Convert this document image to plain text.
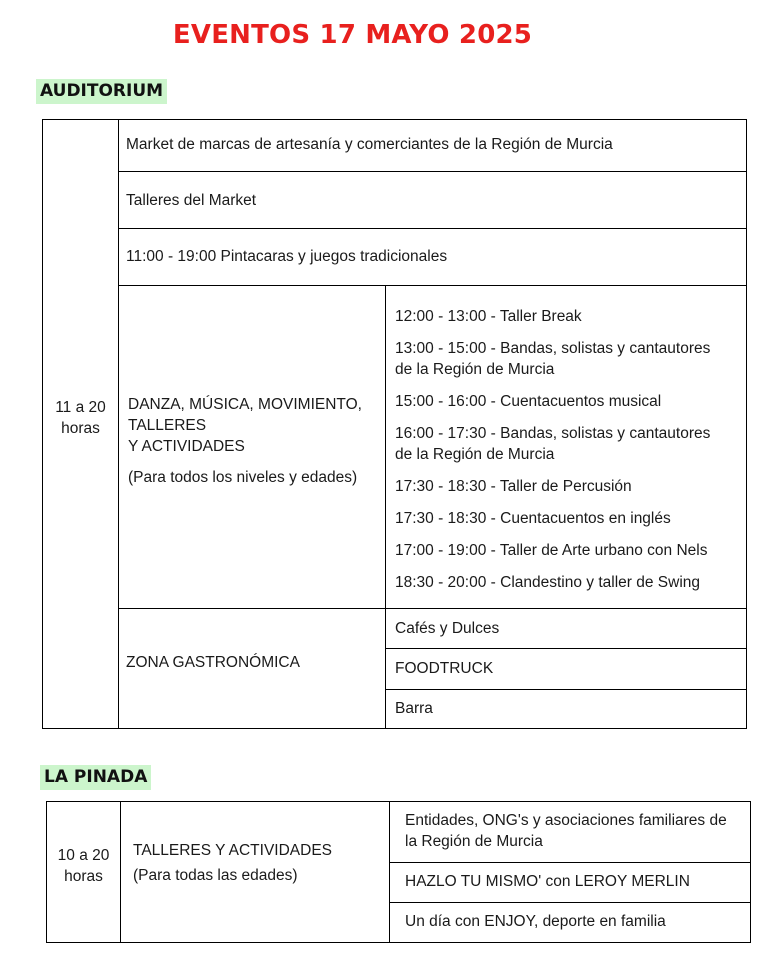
EVENTOS 17 MAYO 2025
AUDITORIUM
11 a 20
horas
Market de marcas de artesanía y comerciantes de la Región de Murcia
Talleres del Market
11:00 - 19:00 Pintacaras y juegos tradicionales
DANZA, MÚSICA, MOVIMIENTO,
TALLERES
Y ACTIVIDADES
(Para todos los niveles y edades)
12:00 - 13:00 - Taller Break
13:00 - 15:00 - Bandas, solistas y cantautores
de la Región de Murcia
15:00 - 16:00 - Cuentacuentos musical
16:00 - 17:30 - Bandas, solistas y cantautores
de la Región de Murcia
17:30 - 18:30 - Taller de Percusión
17:30 - 18:30 - Cuentacuentos en inglés
17:00 - 19:00 - Taller de Arte urbano con Nels
18:30 - 20:00 - Clandestino y taller de Swing
ZONA GASTRONÓMICA
Cafés y Dulces
FOODTRUCK
Barra
LA PINADA
10 a 20
horas
TALLERES Y ACTIVIDADES
(Para todas las edades)
Entidades, ONG's y asociaciones familiares de
la Región de Murcia
HAZLO TU MISMO' con LEROY MERLIN
Un día con ENJOY, deporte en familia
